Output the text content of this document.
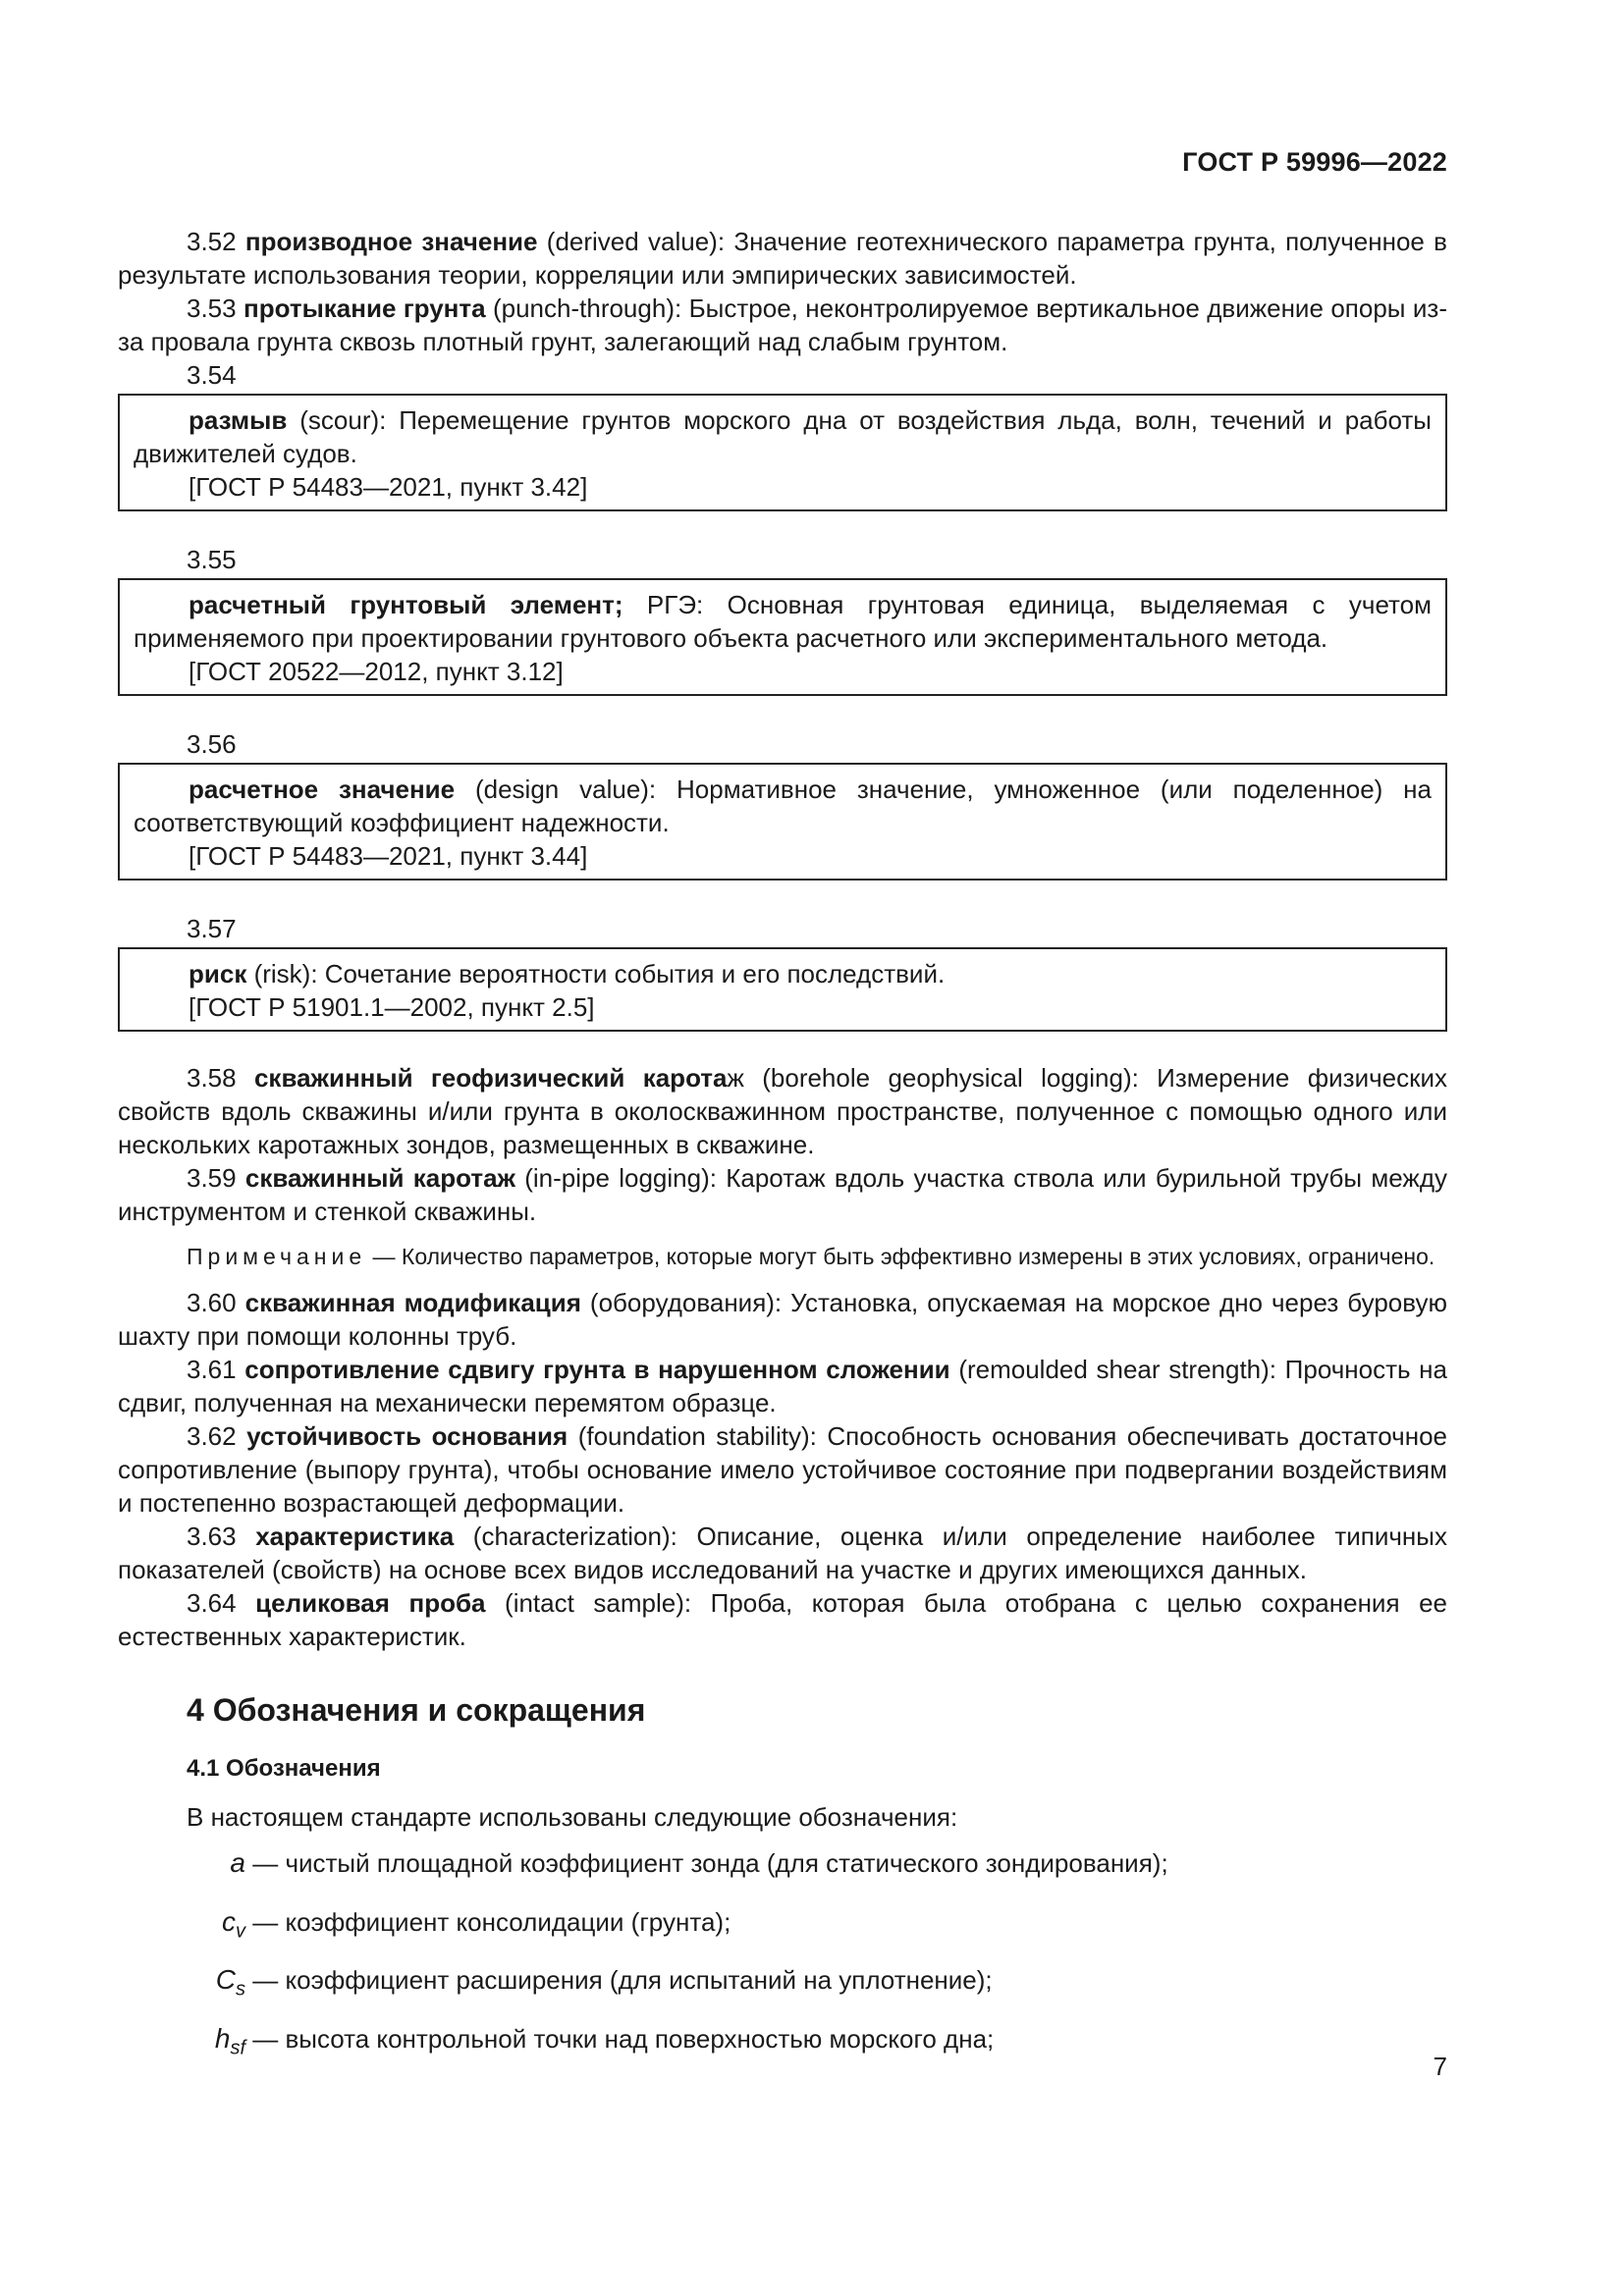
ГОСТ Р 59996—2022

3.52 производное значение (derived value): Значение геотехнического параметра грунта, полученное в результате использования теории, корреляции или эмпирических зависимостей.

3.53 протыкание грунта (punch-through): Быстрое, неконтролируемое вертикальное движение опоры из-за провала грунта сквозь плотный грунт, залегающий над слабым грунтом.

3.54

размыв (scour): Перемещение грунтов морского дна от воздействия льда, волн, течений и работы движителей судов.

[ГОСТ Р 54483—2021, пункт 3.42]

3.55

расчетный грунтовый элемент; РГЭ: Основная грунтовая единица, выделяемая с учетом применяемого при проектировании грунтового объекта расчетного или экспериментального метода.

[ГОСТ 20522—2012, пункт 3.12]

3.56

расчетное значение (design value): Нормативное значение, умноженное (или поделенное) на соответствующий коэффициент надежности.

[ГОСТ Р 54483—2021, пункт 3.44]

3.57

риск (risk): Сочетание вероятности события и его последствий.

[ГОСТ Р 51901.1—2002, пункт 2.5]

3.58 скважинный геофизический каротаж (borehole geophysical logging): Измерение физических свойств вдоль скважины и/или грунта в околоскважинном пространстве, полученное с помощью одного или нескольких каротажных зондов, размещенных в скважине.

3.59 скважинный каротаж (in-pipe logging): Каротаж вдоль участка ствола или бурильной трубы между инструментом и стенкой скважины.

Примечание — Количество параметров, которые могут быть эффективно измерены в этих условиях, ограничено.

3.60 скважинная модификация (оборудования): Установка, опускаемая на морское дно через буровую шахту при помощи колонны труб.

3.61 сопротивление сдвигу грунта в нарушенном сложении (remoulded shear strength): Прочность на сдвиг, полученная на механически перемятом образце.

3.62 устойчивость основания (foundation stability): Способность основания обеспечивать достаточное сопротивление (выпору грунта), чтобы основание имело устойчивое состояние при подвергании воздействиям и постепенно возрастающей деформации.

3.63 характеристика (characterization): Описание, оценка и/или определение наиболее типичных показателей (свойств) на основе всех видов исследований на участке и других имеющихся данных.

3.64 целиковая проба (intact sample): Проба, которая была отобрана с целью сохранения ее естественных характеристик.

4 Обозначения и сокращения
4.1 Обозначения

В настоящем стандарте использованы следующие обозначения:

a — чистый площадной коэффициент зонда (для статического зондирования);
$c_v$ — коэффициент консолидации (грунта);
$C_s$ — коэффициент расширения (для испытаний на уплотнение);
$h_{sf}$ — высота контрольной точки над поверхностью морского дна;
7
